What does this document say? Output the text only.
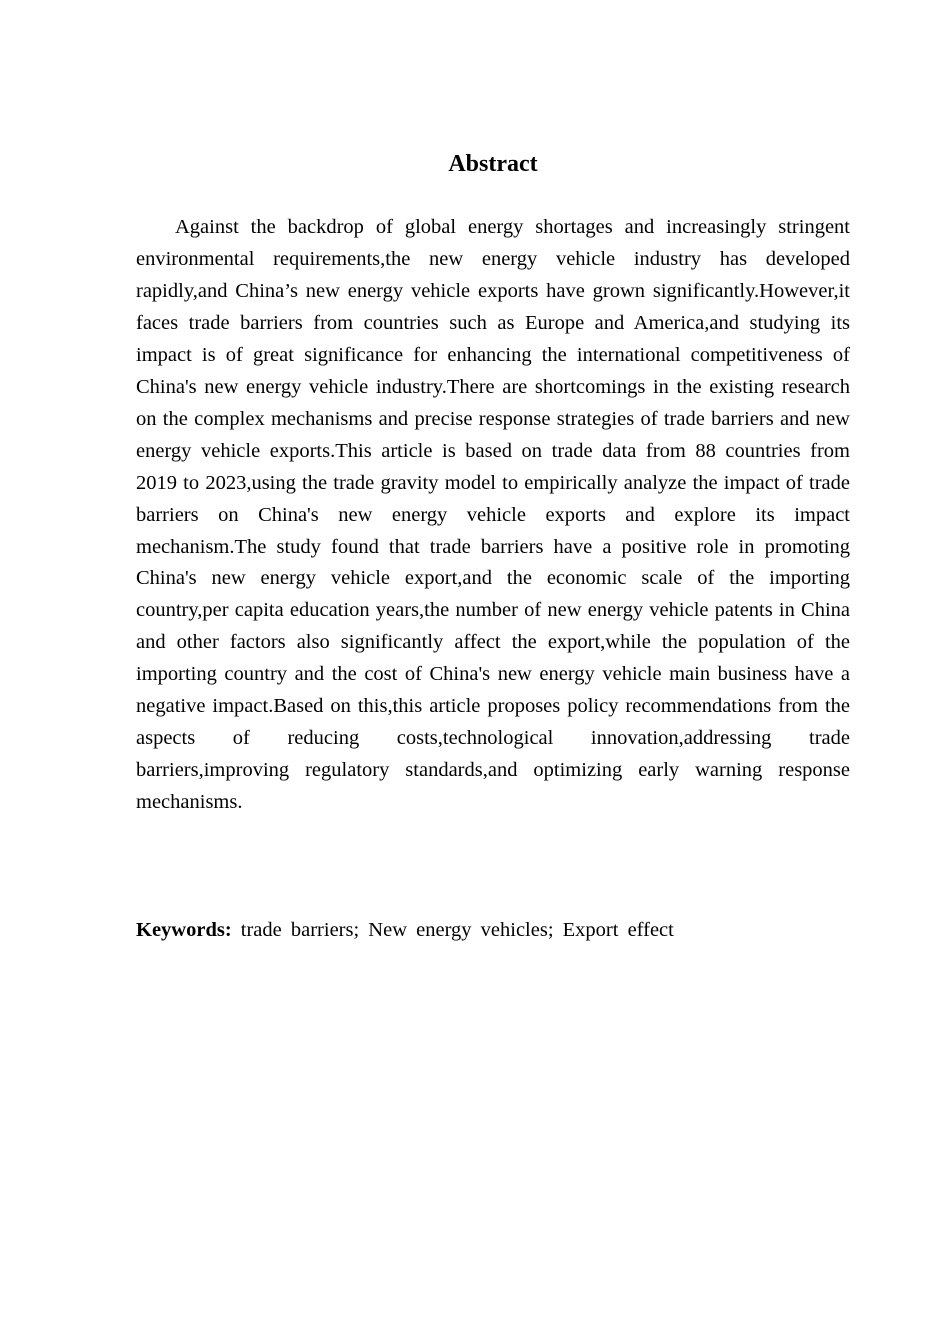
Abstract

Against the backdrop of global energy shortages and increasingly stringent environmental requirements,the new energy vehicle industry has developed rapidly,and China’s new energy vehicle exports have grown significantly.However,it faces trade barriers from countries such as Europe and America,and studying its impact is of great significance for enhancing the international competitiveness of China's new energy vehicle industry.There are shortcomings in the existing research on the complex mechanisms and precise response strategies of trade barriers and new energy vehicle exports.This article is based on trade data from 88 countries from 2019 to 2023,using the trade gravity model to empirically analyze the impact of trade barriers on China's new energy vehicle exports and explore its impact mechanism.The study found that trade barriers have a positive role in promoting China's new energy vehicle export,and the economic scale of the importing country,per capita education years,the number of new energy vehicle patents in China and other factors also significantly affect the export,while the population of the importing country and the cost of China's new energy vehicle main business have a negative impact.Based on this,this article proposes policy recommendations from the aspects of reducing costs,technological innovation,addressing trade barriers,improving regulatory standards,and optimizing early warning response mechanisms.

Keywords: trade barriers; New energy vehicles; Export effect
